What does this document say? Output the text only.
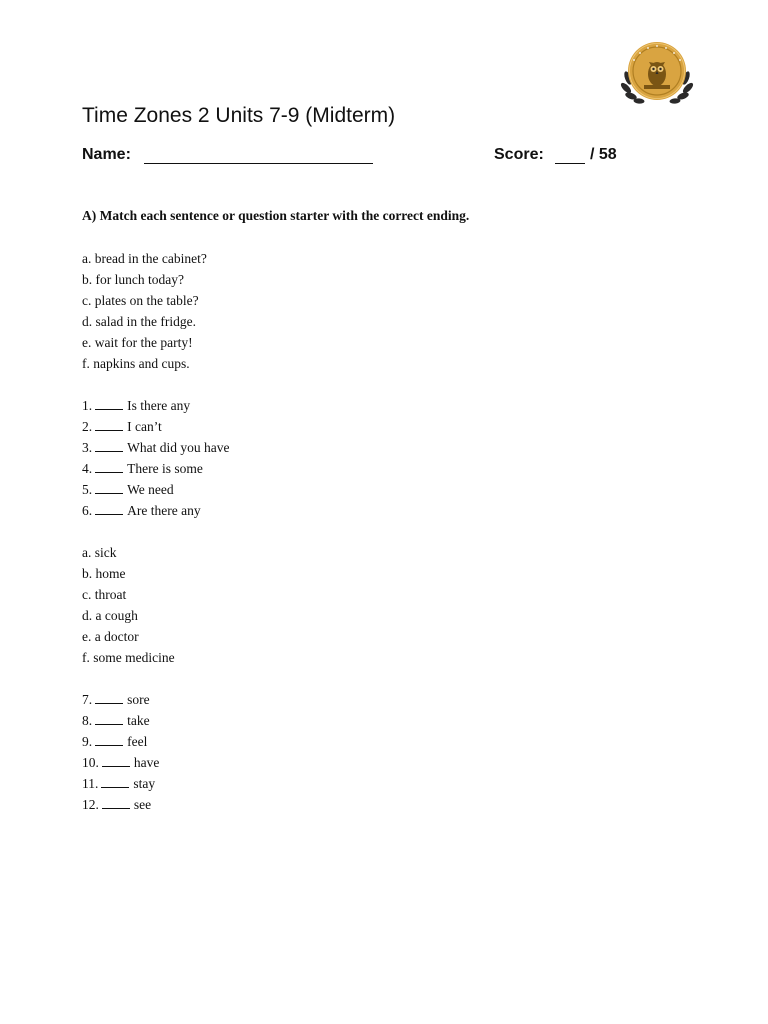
Time Zones 2 Units 7-9 (Midterm)
Name:	Score:	/ 58
A) Match each sentence or question starter with the correct ending.
a. bread in the cabinet?
b. for lunch today?
c. plates on the table?
d. salad in the fridge.
e. wait for the party!
f. napkins and cups.
1.	Is there any
2.	I can’t
3.	What did you have
4.	There is some
5.	We need
6.	Are there any
a. sick
b. home
c. throat
d. a cough
e. a doctor
f. some medicine
7.	sore
8.	take
9.	feel
10.	have
11.	stay
12.	see
